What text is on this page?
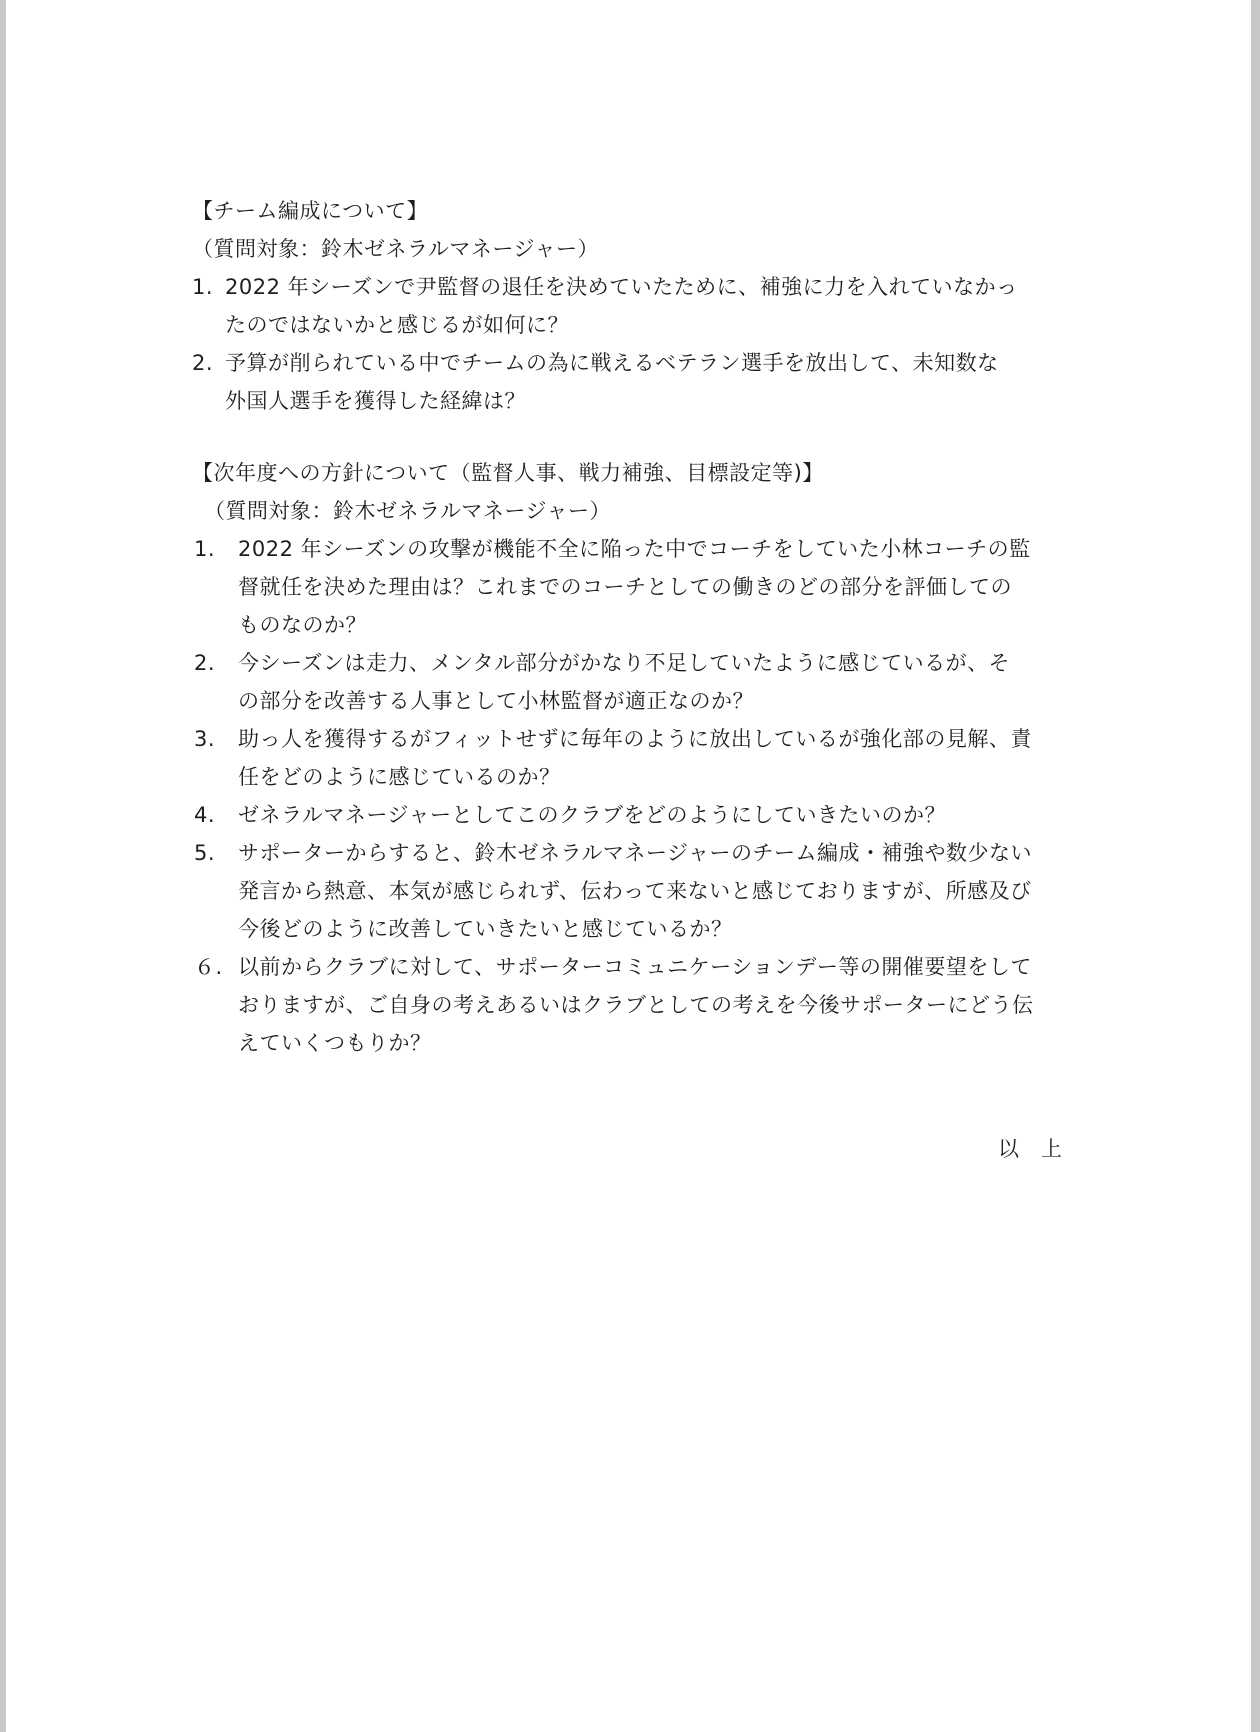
【チーム編成について】
（質問対象：鈴木ゼネラルマネージャー）
1. 2022 年シーズンで尹監督の退任を決めていたために、補強に力を入れていなかっ
たのではないかと感じるが如何に？
2. 予算が削られている中でチームの為に戦えるベテラン選手を放出して、未知数な
外国人選手を獲得した経緯は？
【次年度への方針について（監督人事、戦力補強、目標設定等)】
（質問対象：鈴木ゼネラルマネージャー）
1.	2022 年シーズンの攻撃が機能不全に陥った中でコーチをしていた小林コーチの監
督就任を決めた理由は？これまでのコーチとしての働きのどの部分を評価しての
ものなのか？
2.	今シーズンは走力、メンタル部分がかなり不足していたように感じているが、そ
の部分を改善する人事として小林監督が適正なのか？
3.	助っ人を獲得するがフィットせずに毎年のように放出しているが強化部の見解、責
任をどのように感じているのか？
4.	ゼネラルマネージャーとしてこのクラブをどのようにしていきたいのか？
5.	サポーターからすると、鈴木ゼネラルマネージャーのチーム編成・補強や数少ない
発言から熱意、本気が感じられず、伝わって来ないと感じておりますが、所感及び
今後どのように改善していきたいと感じているか？
６. 以前からクラブに対して、サポーターコミュニケーションデー等の開催要望をして
おりますが、ご自身の考えあるいはクラブとしての考えを今後サポーターにどう伝
えていくつもりか？
以　上
